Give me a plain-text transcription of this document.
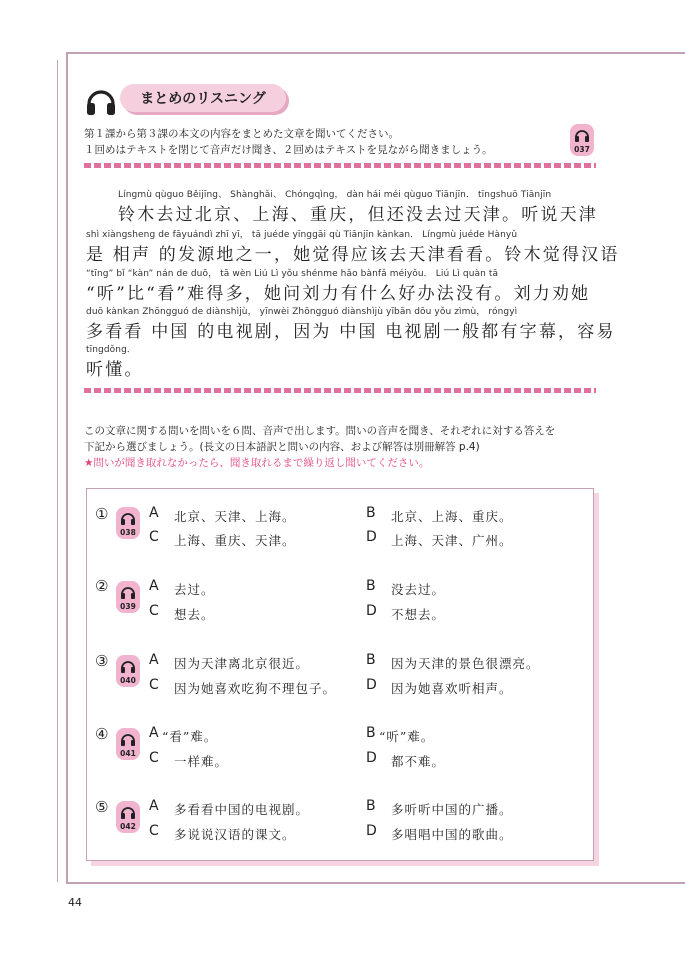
まとめのリスニング
第１課から第３課の本文の内容をまとめた文章を聞いてください。
１回めはテキストを閉じて音声だけ聞き、２回めはテキストを見ながら聞きましょう。	037
Língmù qùguo Běijīng、 Shànghǎi、 Chóngqìng， dàn hái méi qùguo Tiānjīn． tīngshuō Tiānjīn
铃木去过北京、上海、重庆，但还没去过天津。听说天津
shì xiàngsheng de fāyuándì zhī yī， tā juéde yīnggāi qù Tiānjīn kànkan． Língmù juéde Hànyǔ
是 相声 的发源地之一，她觉得应该去天津看看。铃木觉得汉语
“tīng” bǐ “kàn” nán de duō， tā wèn Liú Lì yǒu shénme hǎo bànfǎ méiyǒu． Liú Lì quàn tā
“听”比“看”难得多，她问刘力有什么好办法没有。刘力劝她
duō kànkan Zhōngguó de diànshìjù， yīnwèi Zhōngguó diànshìjù yībān dōu yǒu zìmù， róngyì
多看看 中国 的电视剧，因为 中国 电视剧一般都有字幕，容易
tīngdǒng．
听懂。
この文章に関する問いを問いを６問、音声で出します。問いの音声を聞き、それぞれに対する答えを
下記から選びましょう。(長文の日本語訳と問いの内容、および解答は別冊解答 p.4)
★問いが聞き取れなかったら、聞き取れるまで繰り返し聞いてください。
①
038
A 北京、天津、上海。	B 北京、上海、重庆。
C 上海、重庆、天津。	D 上海、天津、广州。
②
039
A 去过。	B 没去过。
C 想去。	D 不想去。
③
040
A 因为天津离北京很近。	B 因为天津的景色很漂亮。
C 因为她喜欢吃狗不理包子。 D 因为她喜欢听相声。
④
041
A “看”难。	B “听”难。
C 一样难。	D 都不难。
⑤
042
A 多看看中国的电视剧。	B 多听听中国的广播。
C 多说说汉语的课文。	D 多唱唱中国的歌曲。
44
